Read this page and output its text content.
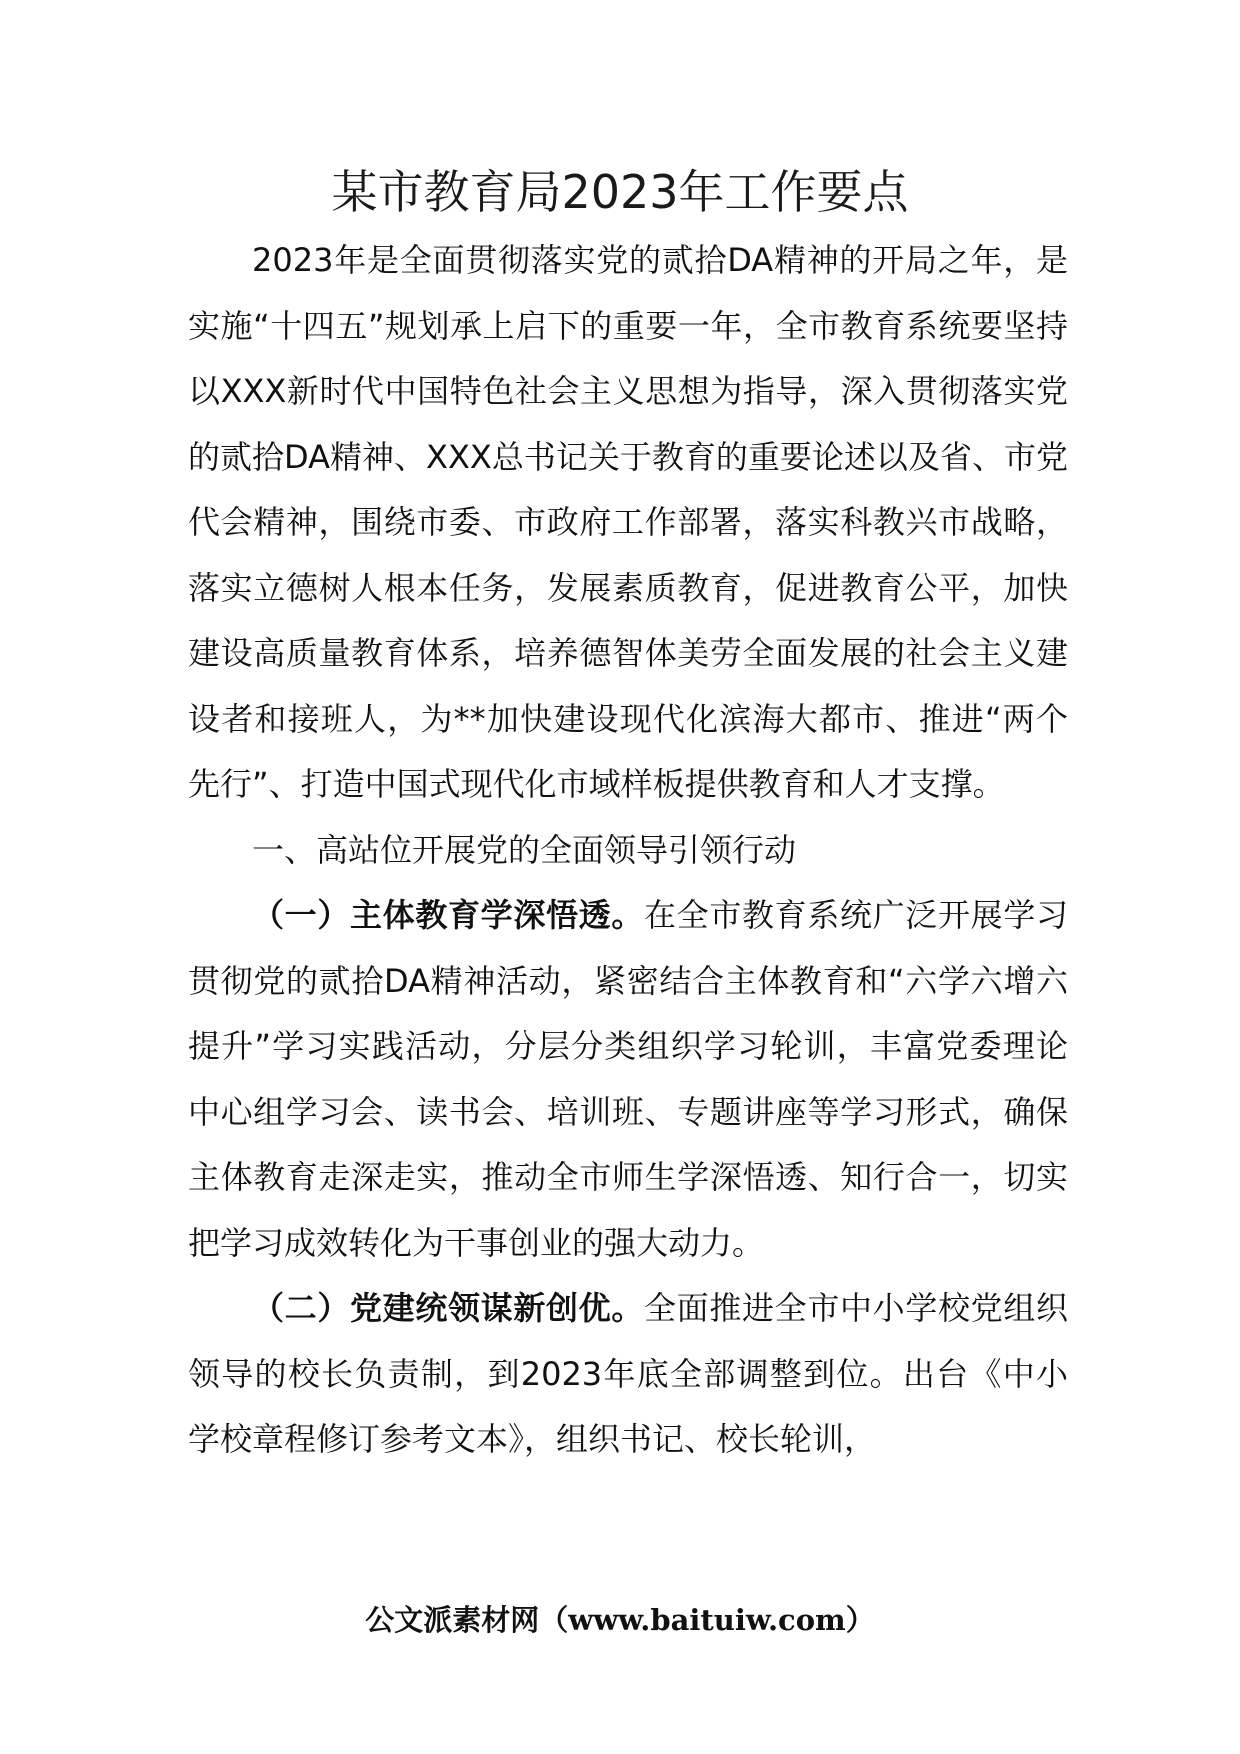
某市教育局2023年工作要点

2023年是全面贯彻落实党的贰拾DA精神的开局之年，是实施“十四五”规划承上启下的重要一年，全市教育系统要坚持以XXX新时代中国特色社会主义思想为指导，深入贯彻落实党的贰拾DA精神、XXX总书记关于教育的重要论述以及省、市党代会精神，围绕市委、市政府工作部署，落实科教兴市战略，落实立德树人根本任务，发展素质教育，促进教育公平，加快建设高质量教育体系，培养德智体美劳全面发展的社会主义建设者和接班人，为**加快建设现代化滨海大都市、推进“两个先行”、打造中国式现代化市域样板提供教育和人才支撑。

一、高站位开展党的全面领导引领行动

（一）主体教育学深悟透。在全市教育系统广泛开展学习贯彻党的贰拾DA精神活动，紧密结合主体教育和“六学六增六提升”学习实践活动，分层分类组织学习轮训，丰富党委理论中心组学习会、读书会、培训班、专题讲座等学习形式，确保主体教育走深走实，推动全市师生学深悟透、知行合一，切实把学习成效转化为干事创业的强大动力。

（二）党建统领谋新创优。全面推进全市中小学校党组织领导的校长负责制，到2023年底全部调整到位。出台《中小学校章程修订参考文本》，组织书记、校长轮训，

公文派素材网（www.baituiw.com）
